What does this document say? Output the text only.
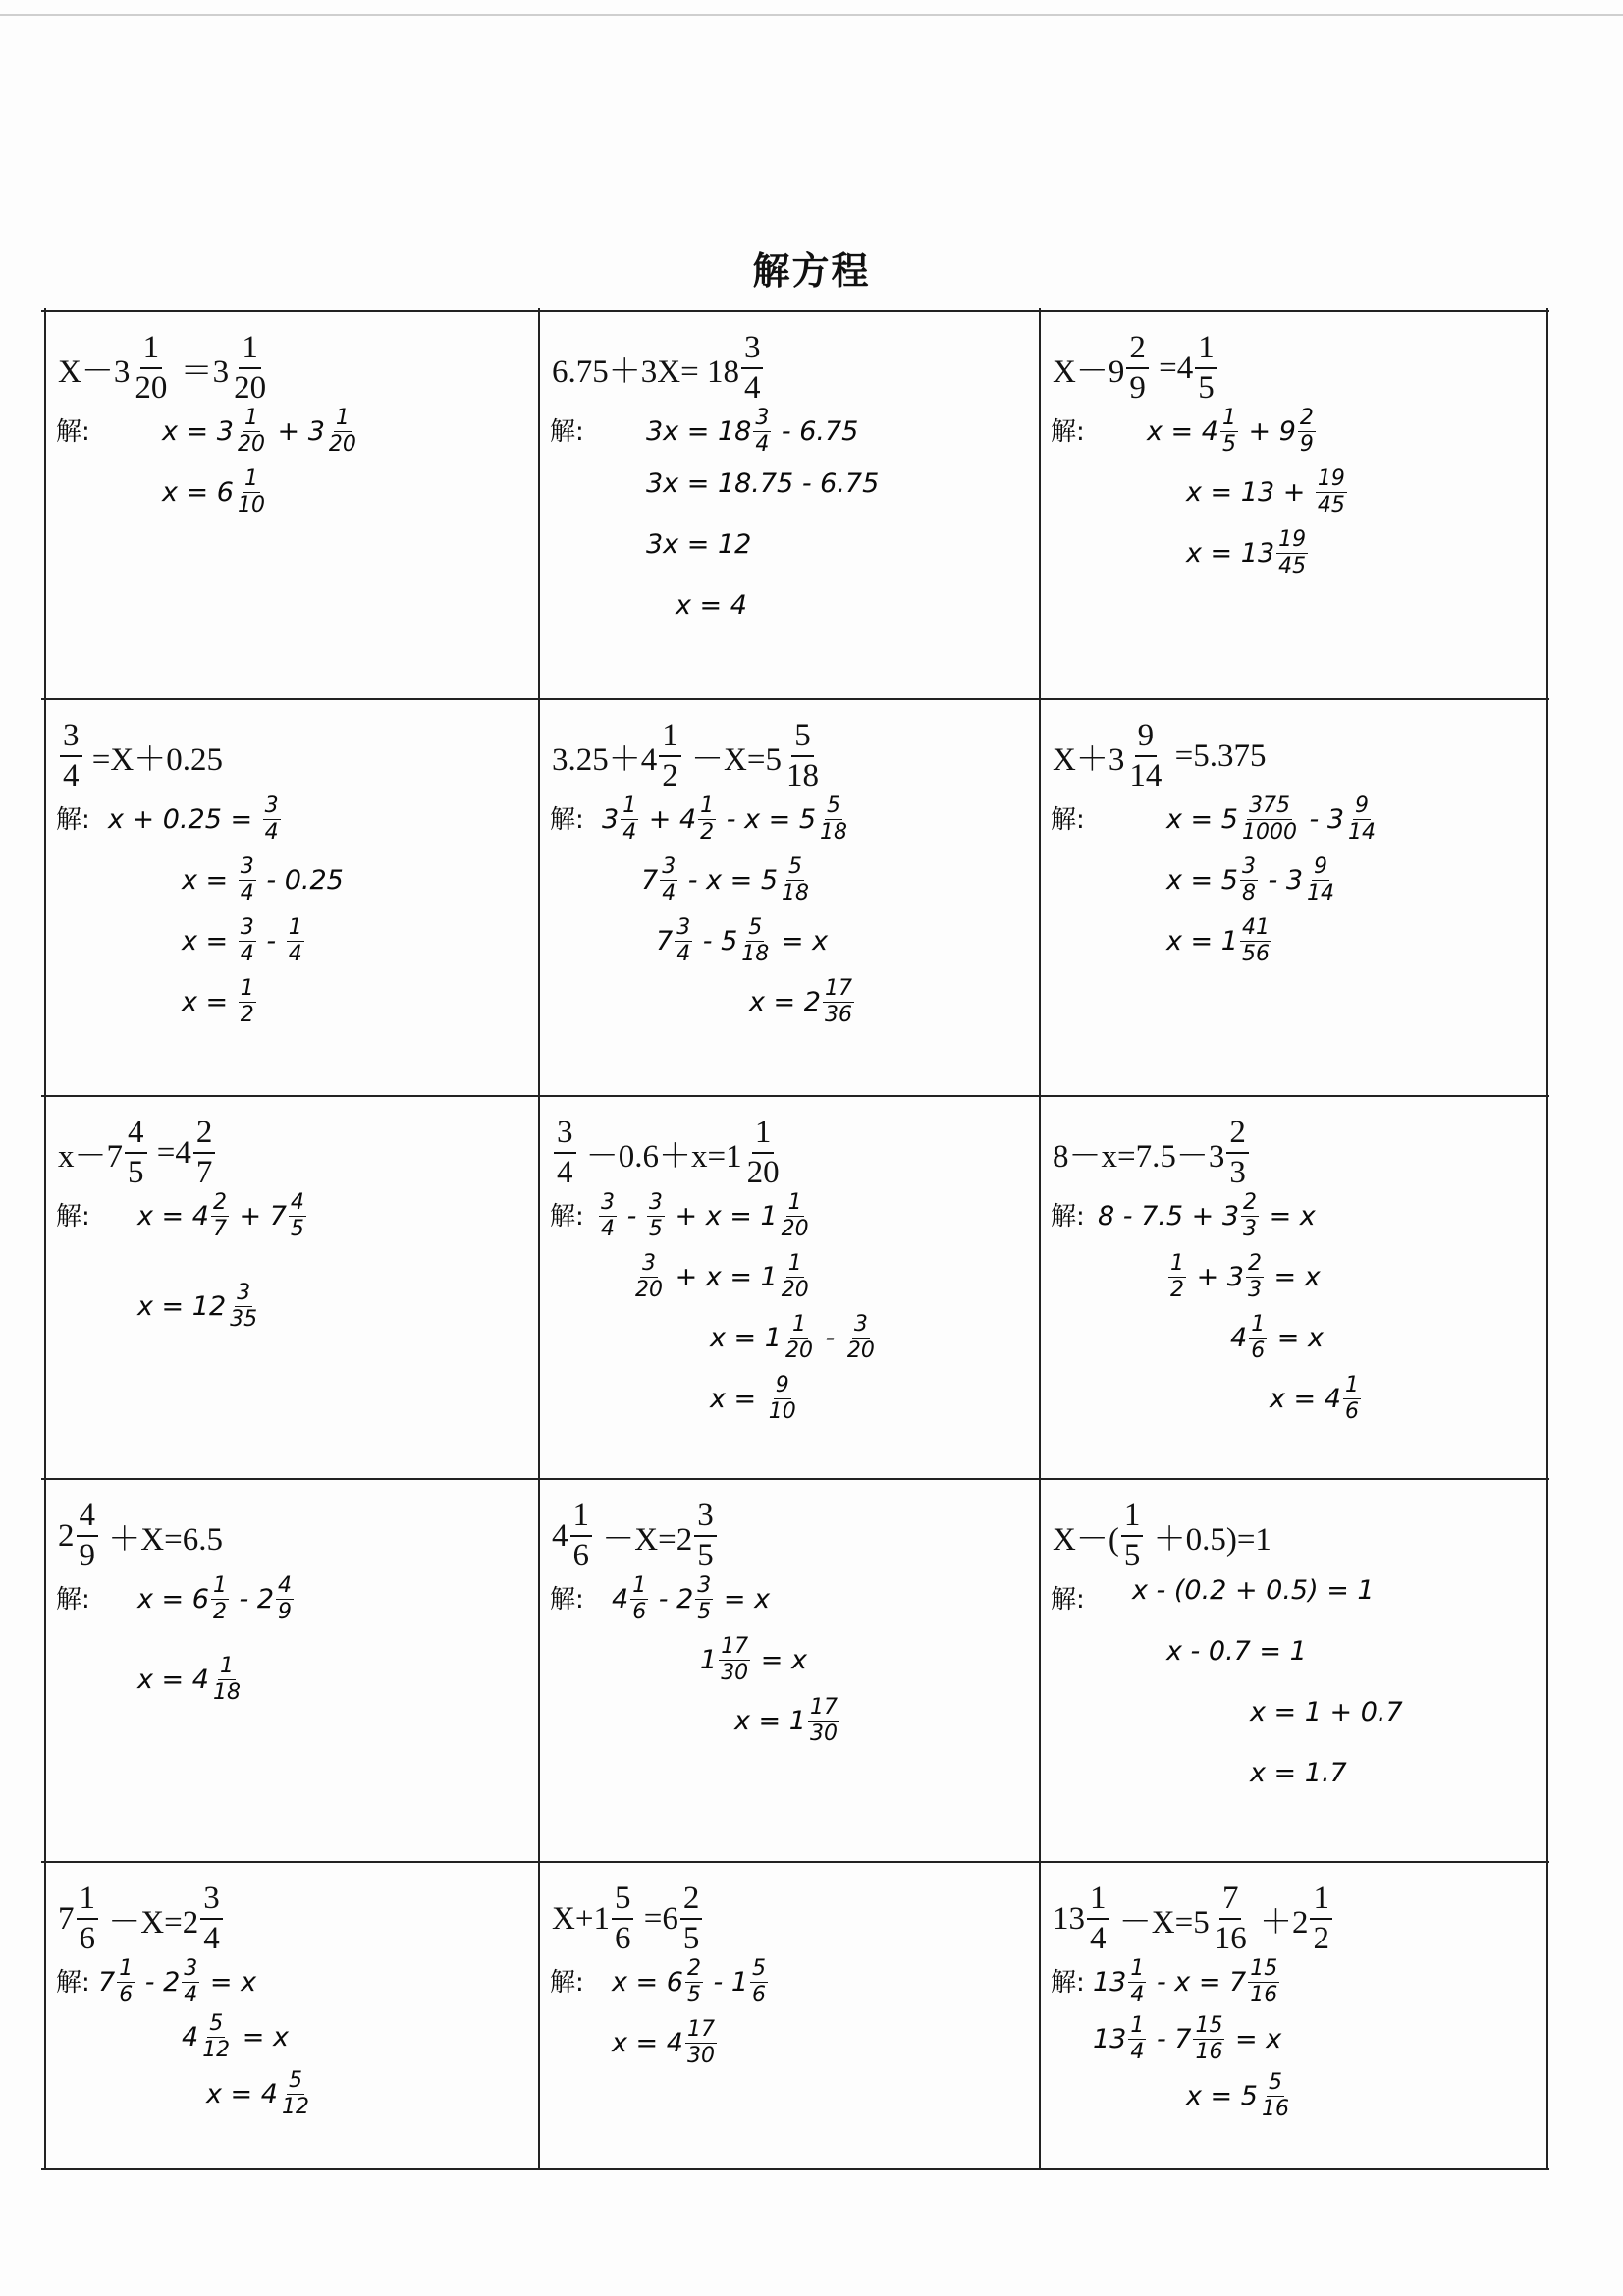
解方程
$X-3 \frac{1}{20} =3 \frac{1}{20}$
解:	$x = 3 \frac{1}{20} + 3 \frac{1}{20}$
$x = 6 \frac{1}{10}$
$6.75+3X= 18 \frac{3}{4}$
解: $3x = 18 \frac{3}{4} - 6.75$
3x = 18.75 - 6.75
3x = 12
x = 4
$X-9 \frac{2}{9} =4 \frac{1}{5}$
解: $x = 4 \frac{1}{5} + 9 \frac{2}{9}$
$x = 13 + \frac{19}{45}$
$x = 13 \frac{19}{45}$
$\frac{3}{4} =X+0.25$
解: $x + 0.25 = \frac{3}{4}$
$x = \frac{3}{4} - 0.25$
$x = \frac{3}{4} - \frac{1}{4}$
$x = \frac{1}{2}$
$3.25+4 \frac{1}{2} -X=5 \frac{5}{18}$
解: $3 \frac{1}{4} + 4 \frac{1}{2} - x = 5 \frac{5}{18}$
$7 \frac{3}{4} - x = 5 \frac{5}{18}$
$7 \frac{3}{4} - 5 \frac{5}{18} = x$
$x = 2 \frac{17}{36}$
$X+3 \frac{9}{14} =5.375$
解:	$x = 5 \frac{375}{1000} - 3 \frac{9}{14}$
$x = 5 \frac{3}{8} - 3 \frac{9}{14}$
$x = 1 \frac{41}{56}$
$x-7 \frac{4}{5} =4 \frac{2}{7}$
解: $x = 4 \frac{2}{7} + 7 \frac{4}{5}$
$x = 12 \frac{3}{35}$
$\frac{3}{4} -0.6+x=1 \frac{1}{20}$
解: $\frac{3}{4} - \frac{3}{5} + x = 1 \frac{1}{20}$
$\frac{3}{20} + x = 1 \frac{1}{20}$
$x = 1 \frac{1}{20} - \frac{3}{20}$
$x = \frac{9}{10}$
$8-x=7.5-3 \frac{2}{3}$
解: $8 - 7.5 + 3 \frac{2}{3} = x$
$\frac{1}{2} + 3 \frac{2}{3} = x$
$4 \frac{1}{6} = x$
$x = 4 \frac{1}{6}$
$2 \frac{4}{9} +X=6.5$
解: $x = 6 \frac{1}{2} - 2 \frac{4}{9}$
$x = 4 \frac{1}{18}$
$4 \frac{1}{6} -X=2 \frac{3}{5}$
解: $4 \frac{1}{6} - 2 \frac{3}{5} = x$
$1 \frac{17}{30} = x$
$x = 1 \frac{17}{30}$
$X-( \frac{1}{5} +0.5)=1$
解: x - (0.2 + 0.5) = 1
x - 0.7 = 1
x = 1 + 0.7
x = 1.7
$7 \frac{1}{6} -X=2 \frac{3}{4}$
解: $7 \frac{1}{6} - 2 \frac{3}{4} = x$
$4 \frac{5}{12} = x$
$x = 4 \frac{5}{12}$
$X+1 \frac{5}{6} =6 \frac{2}{5}$
解: $x = 6 \frac{2}{5} - 1 \frac{5}{6}$
$x = 4 \frac{17}{30}$
$13 \frac{1}{4} -X=5 \frac{7}{16} +2 \frac{1}{2}$
解: $13 \frac{1}{4} - x = 7 \frac{15}{16}$
$13 \frac{1}{4} - 7 \frac{15}{16} = x$
$x = 5 \frac{5}{16}$
